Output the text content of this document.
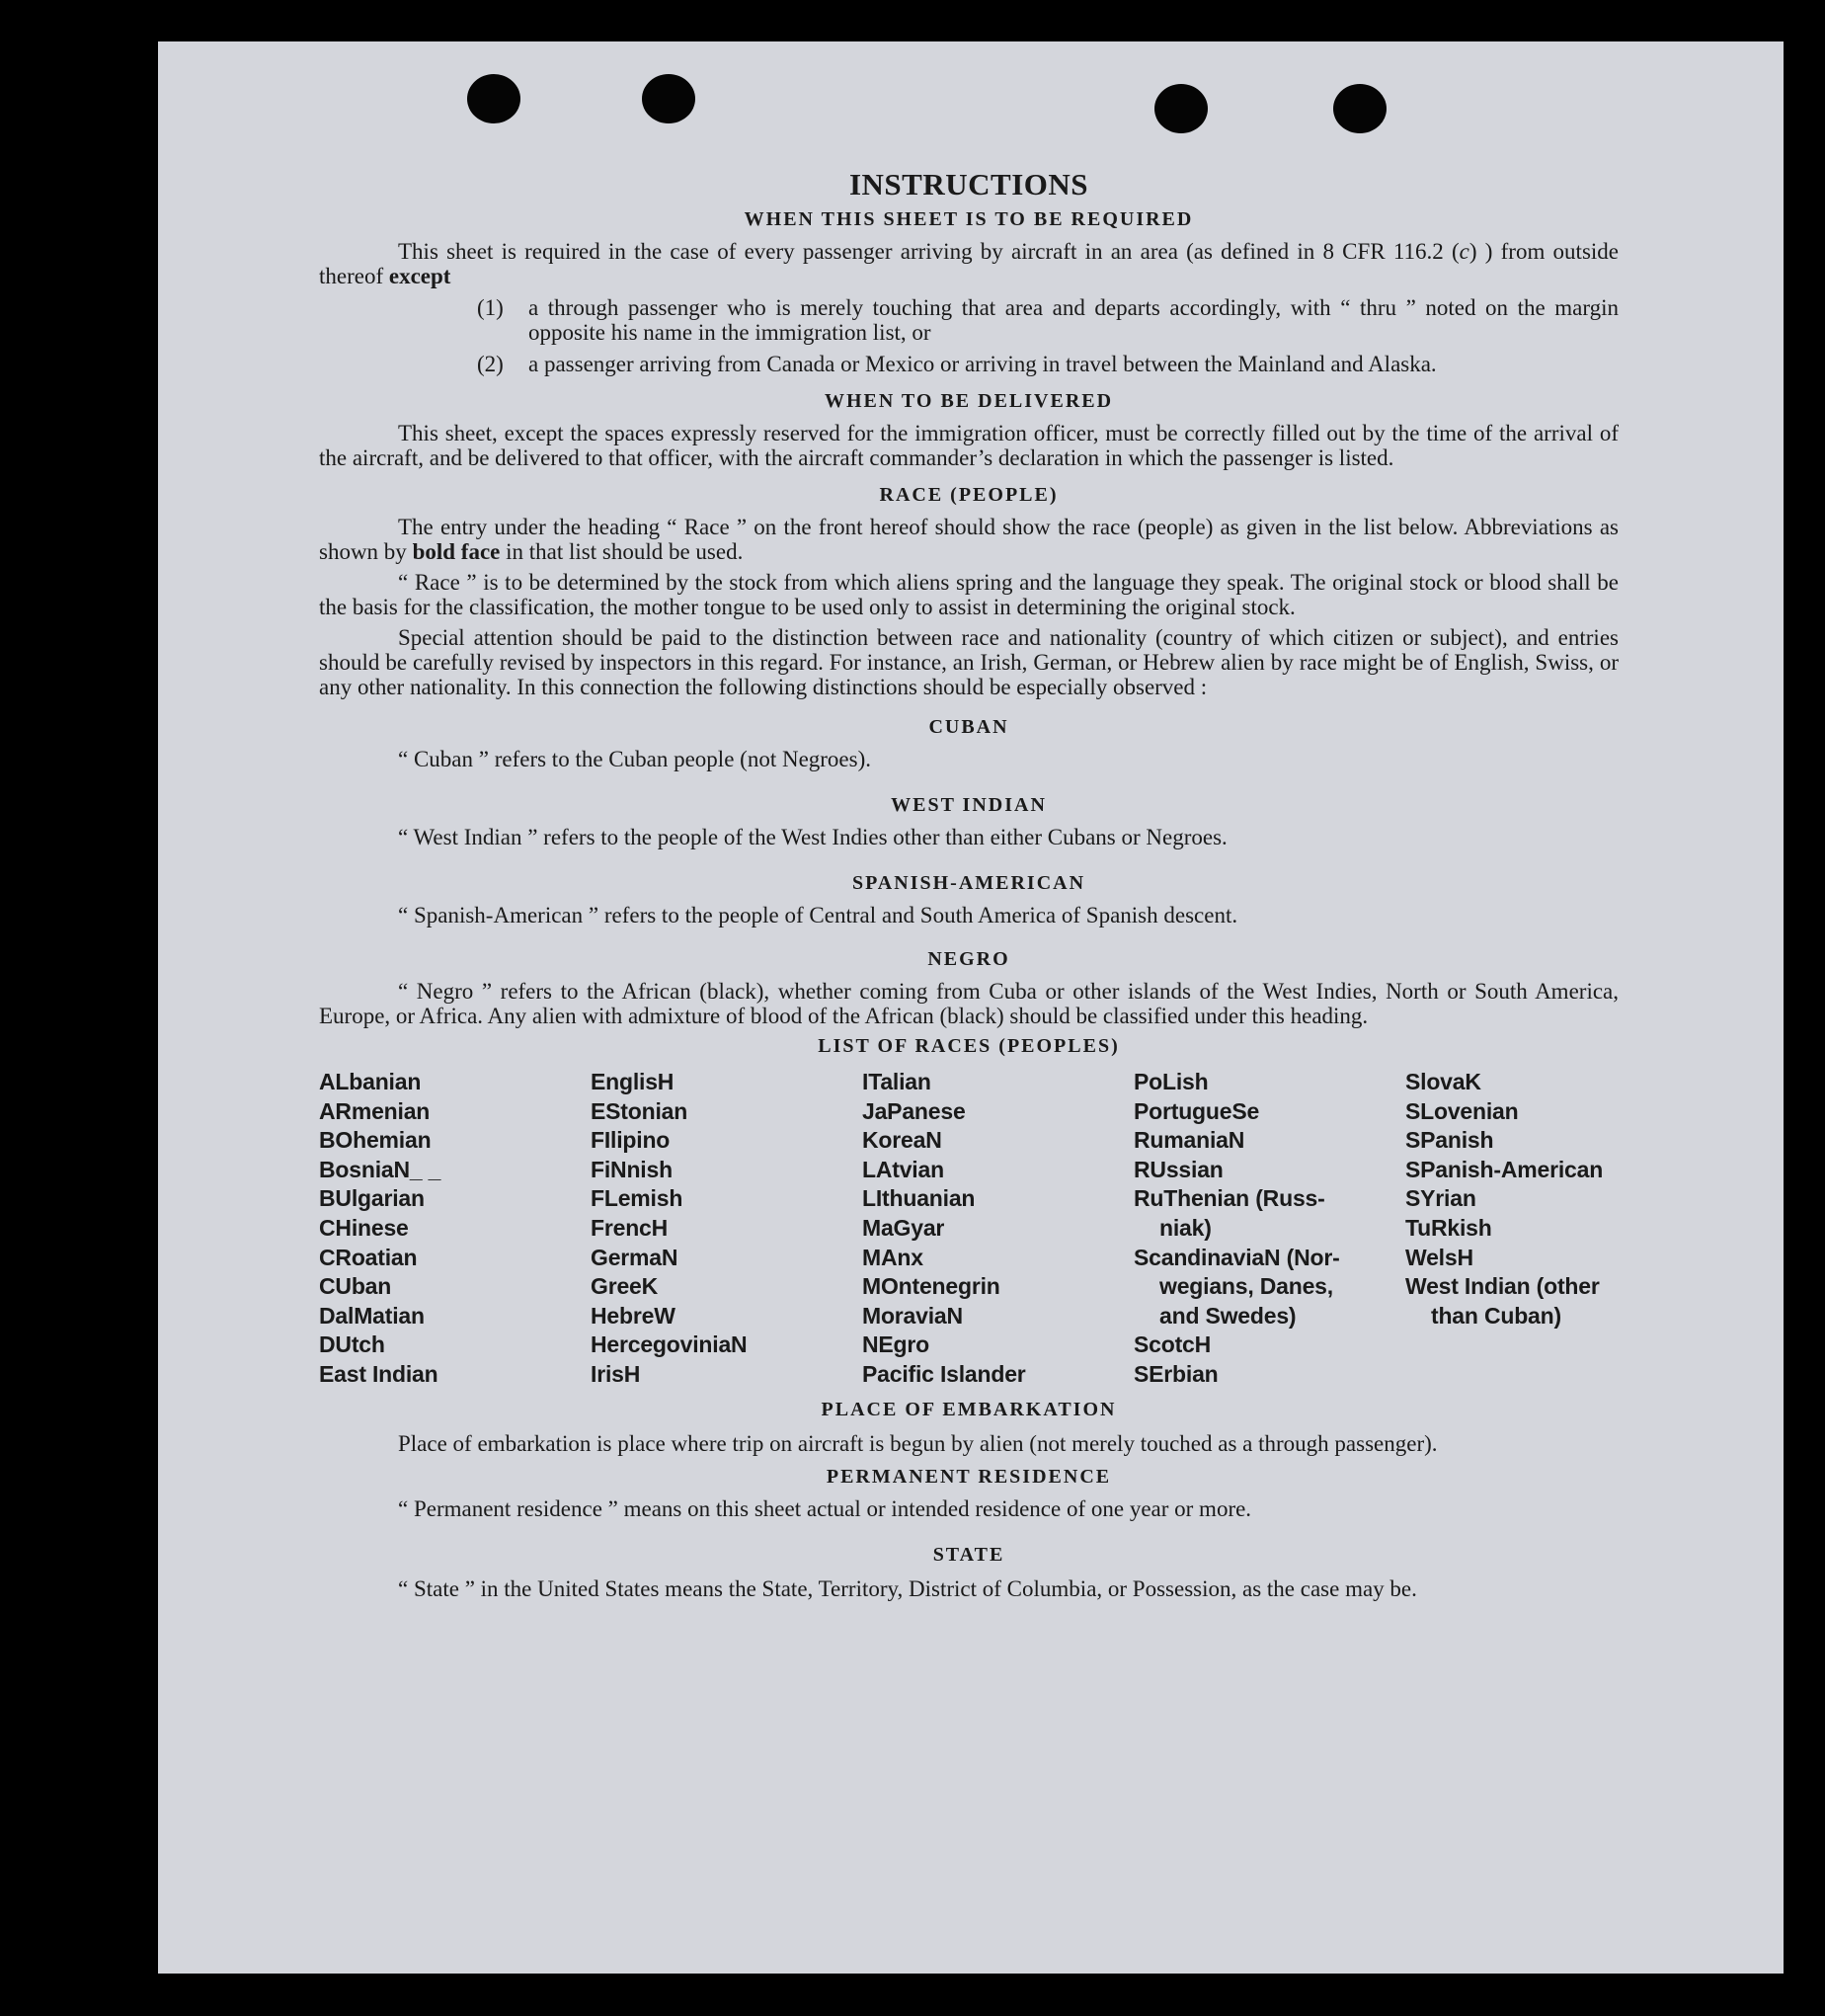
INSTRUCTIONS
WHEN THIS SHEET IS TO BE REQUIRED

This sheet is required in the case of every passenger arriving by aircraft in an area (as defined in 8 CFR 116.2 (c) ) from outside thereof except

(1)	a through passenger who is merely touching that area and departs accordingly, with “ thru ” noted on the margin opposite his name in the immigration list, or
(2)	a passenger arriving from Canada or Mexico or arriving in travel between the Mainland and Alaska.
WHEN TO BE DELIVERED

This sheet, except the spaces expressly reserved for the immigration officer, must be correctly filled out by the time of the arrival of the aircraft, and be delivered to that officer, with the aircraft commander’s declaration in which the passenger is listed.

RACE (PEOPLE)

The entry under the heading “ Race ” on the front hereof should show the race (people) as given in the list below. Abbreviations as shown by bold face in that list should be used.

“ Race ” is to be determined by the stock from which aliens spring and the language they speak. The original stock or blood shall be the basis for the classification, the mother tongue to be used only to assist in determining the original stock.

Special attention should be paid to the distinction between race and nationality (country of which citizen or subject), and entries should be carefully revised by inspectors in this regard. For instance, an Irish, German, or Hebrew alien by race might be of English, Swiss, or any other nationality. In this connection the following distinctions should be especially observed :

CUBAN

“ Cuban ” refers to the Cuban people (not Negroes).

WEST INDIAN

“ West Indian ” refers to the people of the West Indies other than either Cubans or Negroes.

SPANISH-AMERICAN

“ Spanish-American ” refers to the people of Central and South America of Spanish descent.

NEGRO

“ Negro ” refers to the African (black), whether coming from Cuba or other islands of the West Indies, North or South America, Europe, or Africa. Any alien with admixture of blood of the African (black) should be classified under this heading.

LIST OF RACES (PEOPLES)
ALbanian
ARmenian
BOhemian
BosniaN_ _
BUlgarian
CHinese
CRoatian
CUban
DalMatian
DUtch
East Indian
EnglisH
EStonian
FIlipino
FiNnish
FLemish
FrencH
GermaN
GreeK
HebreW
HercegoviniaN
IrisH
ITalian
JaPanese
KoreaN
LAtvian
LIthuanian
MaGyar
MAnx
MOntenegrin
MoraviaN
NEgro
Pacific Islander
PoLish
PortugueSe
RumaniaN
RUssian
RuThenian (Russ-
niak)
ScandinaviaN (Nor-
wegians, Danes,
and Swedes)
ScotcH
SErbian
SlovaK
SLovenian
SPanish
SPanish-American
SYrian
TuRkish
WelsH
West Indian (other
than Cuban)
PLACE OF EMBARKATION

Place of embarkation is place where trip on aircraft is begun by alien (not merely touched as a through passenger).

PERMANENT RESIDENCE

“ Permanent residence ” means on this sheet actual or intended residence of one year or more.

STATE

“ State ” in the United States means the State, Territory, District of Columbia, or Possession, as the case may be.
